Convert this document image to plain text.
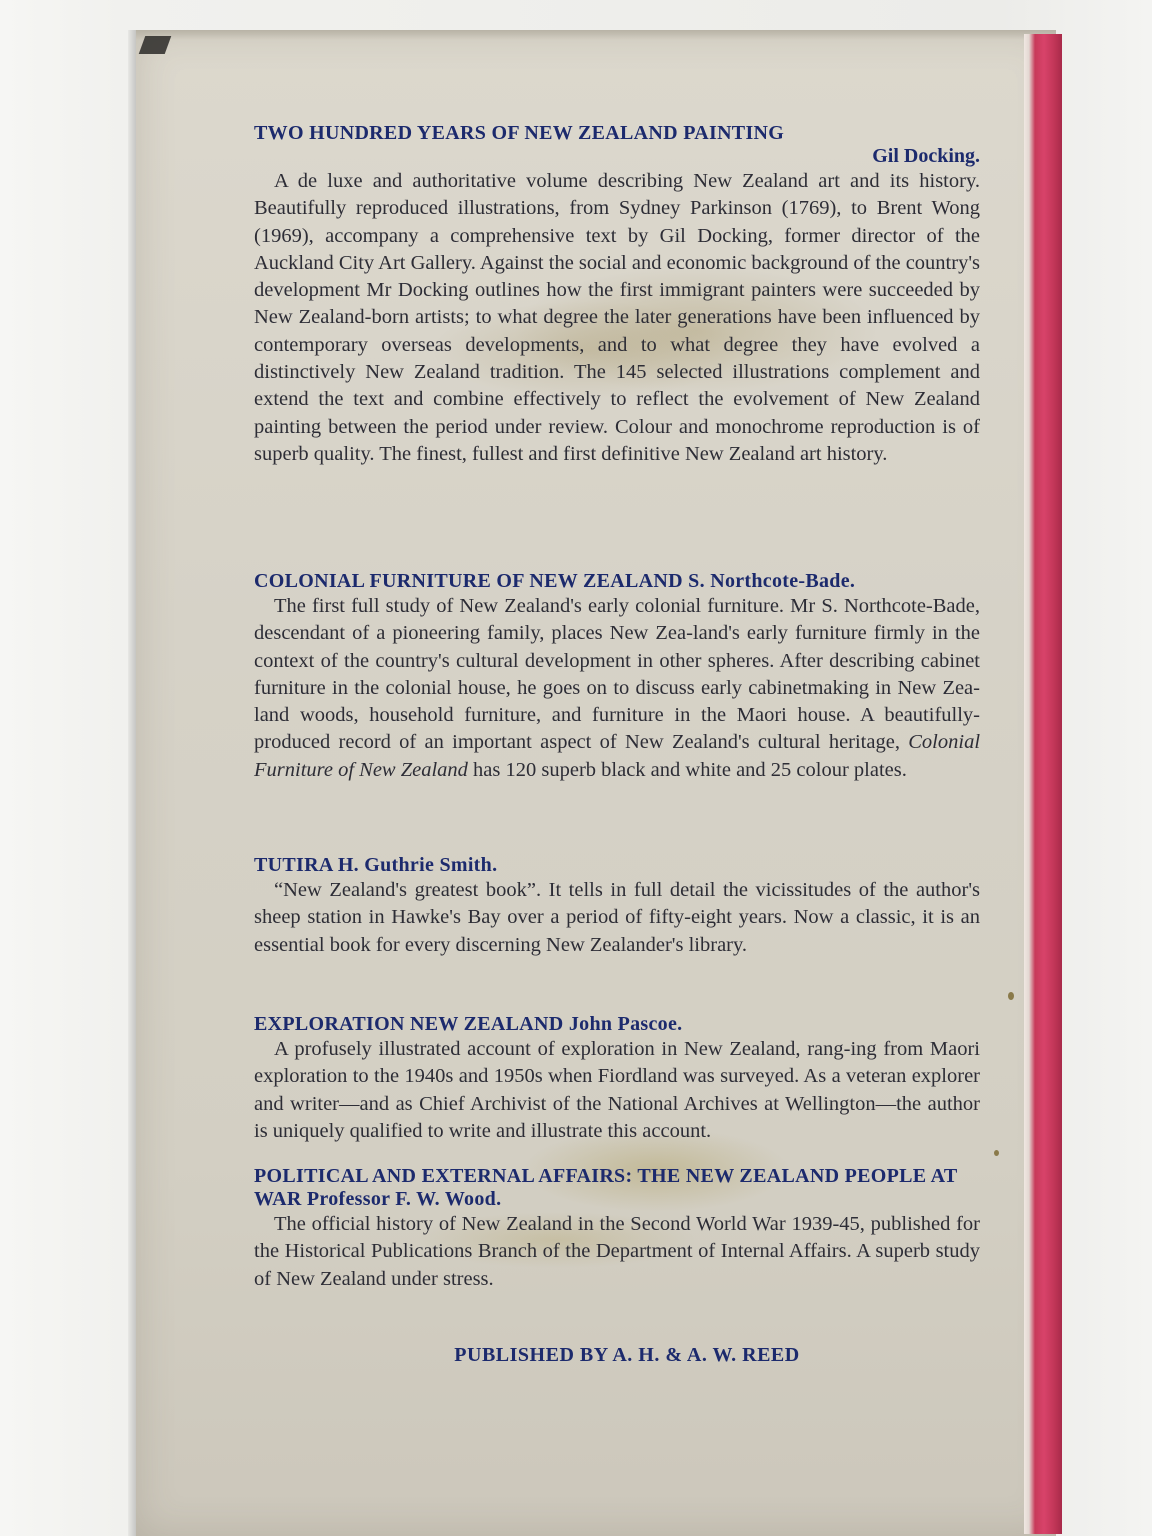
TWO HUNDRED YEARS OF NEW ZEALAND PAINTING
Gil Docking.

A de luxe and authoritative volume describing New Zealand art and its history. Beautifully reproduced illustrations, from Sydney Parkinson (1769), to Brent Wong (1969), accompany a comprehensive text by Gil Docking, former director of the Auckland City Art Gallery. Against the social and economic background of the country's development Mr Docking outlines how the first immigrant painters were succeeded by New Zealand-born artists; to what degree the later generations have been influenced by contemporary overseas developments, and to what degree they have evolved a distinctively New Zealand tradition. The 145 selected illustrations complement and extend the text and combine effectively to reflect the evolvement of New Zealand painting between the period under review. Colour and monochrome reproduction is of superb quality. The finest, fullest and first definitive New Zealand art history.

COLONIAL FURNITURE OF NEW ZEALAND S. Northcote-Bade.

The first full study of New Zealand's early colonial furniture. Mr S. Northcote-Bade, descendant of a pioneering family, places New Zea-land's early furniture firmly in the context of the country's cultural development in other spheres. After describing cabinet furniture in the colonial house, he goes on to discuss early cabinetmaking in New Zea-land woods, household furniture, and furniture in the Maori house. A beautifully-produced record of an important aspect of New Zealand's cultural heritage, Colonial Furniture of New Zealand has 120 superb black and white and 25 colour plates.

TUTIRA H. Guthrie Smith.

“New Zealand's greatest book”. It tells in full detail the vicissitudes of the author's sheep station in Hawke's Bay over a period of fifty-eight years. Now a classic, it is an essential book for every discerning New Zealander's library.

EXPLORATION NEW ZEALAND John Pascoe.

A profusely illustrated account of exploration in New Zealand, rang-ing from Maori exploration to the 1940s and 1950s when Fiordland was surveyed. As a veteran explorer and writer—and as Chief Archivist of the National Archives at Wellington—the author is uniquely qualified to write and illustrate this account.

POLITICAL AND EXTERNAL AFFAIRS: THE NEW ZEALAND PEOPLE AT WAR Professor F. W. Wood.

The official history of New Zealand in the Second World War 1939-45, published for the Historical Publications Branch of the Department of Internal Affairs. A superb study of New Zealand under stress.

PUBLISHED BY A. H. & A. W. REED
